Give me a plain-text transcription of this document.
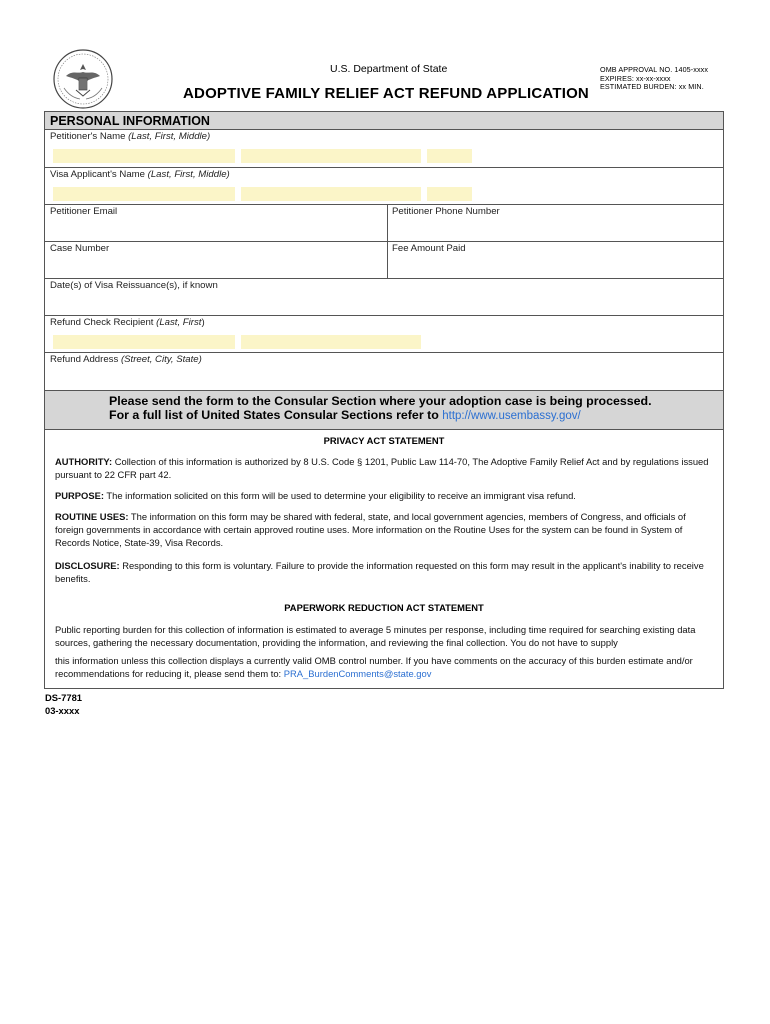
U.S. Department of State	OMB APPROVAL NO. 1405-xxxx
EXPIRES: xx-xx-xxxx
ESTIMATED BURDEN: xx MIN.
ADOPTIVE FAMILY RELIEF ACT REFUND APPLICATION
PERSONAL INFORMATION
Petitioner's Name (Last, First, Middle)
Visa Applicant's Name (Last, First, Middle)
Petitioner Email	Petitioner Phone Number
Case Number	Fee Amount Paid
Date(s) of Visa Reissuance(s), if known
Refund Check Recipient (Last, First)
Refund Address (Street, City, State)
Please send the form to the Consular Section where your adoption case is being processed.
For a full list of United States Consular Sections refer to http://www.usembassy.gov/
PRIVACY ACT STATEMENT
AUTHORITY: Collection of this information is authorized by 8 U.S. Code § 1201, Public Law 114-70, The Adoptive Family Relief Act and by regulations issued pursuant to 22 CFR part 42.
PURPOSE: The information solicited on this form will be used to determine your eligibility to receive an immigrant visa refund.
ROUTINE USES: The information on this form may be shared with federal, state, and local government agencies, members of Congress, and officials of foreign governments in accordance with certain approved routine uses. More information on the Routine Uses for the system can be found in System of Records Notice, State-39, Visa Records.
DISCLOSURE: Responding to this form is voluntary. Failure to provide the information requested on this form may result in the applicant's inability to receive benefits.
PAPERWORK REDUCTION ACT STATEMENT
Public reporting burden for this collection of information is estimated to average 5 minutes per response, including time required for searching existing data sources, gathering the necessary documentation, providing the information, and reviewing the final collection. You do not have to supply
this information unless this collection displays a currently valid OMB control number. If you have comments on the accuracy of this burden estimate and/or recommendations for reducing it, please send them to: PRA_BurdenComments@state.gov
DS-7781
03-xxxx
